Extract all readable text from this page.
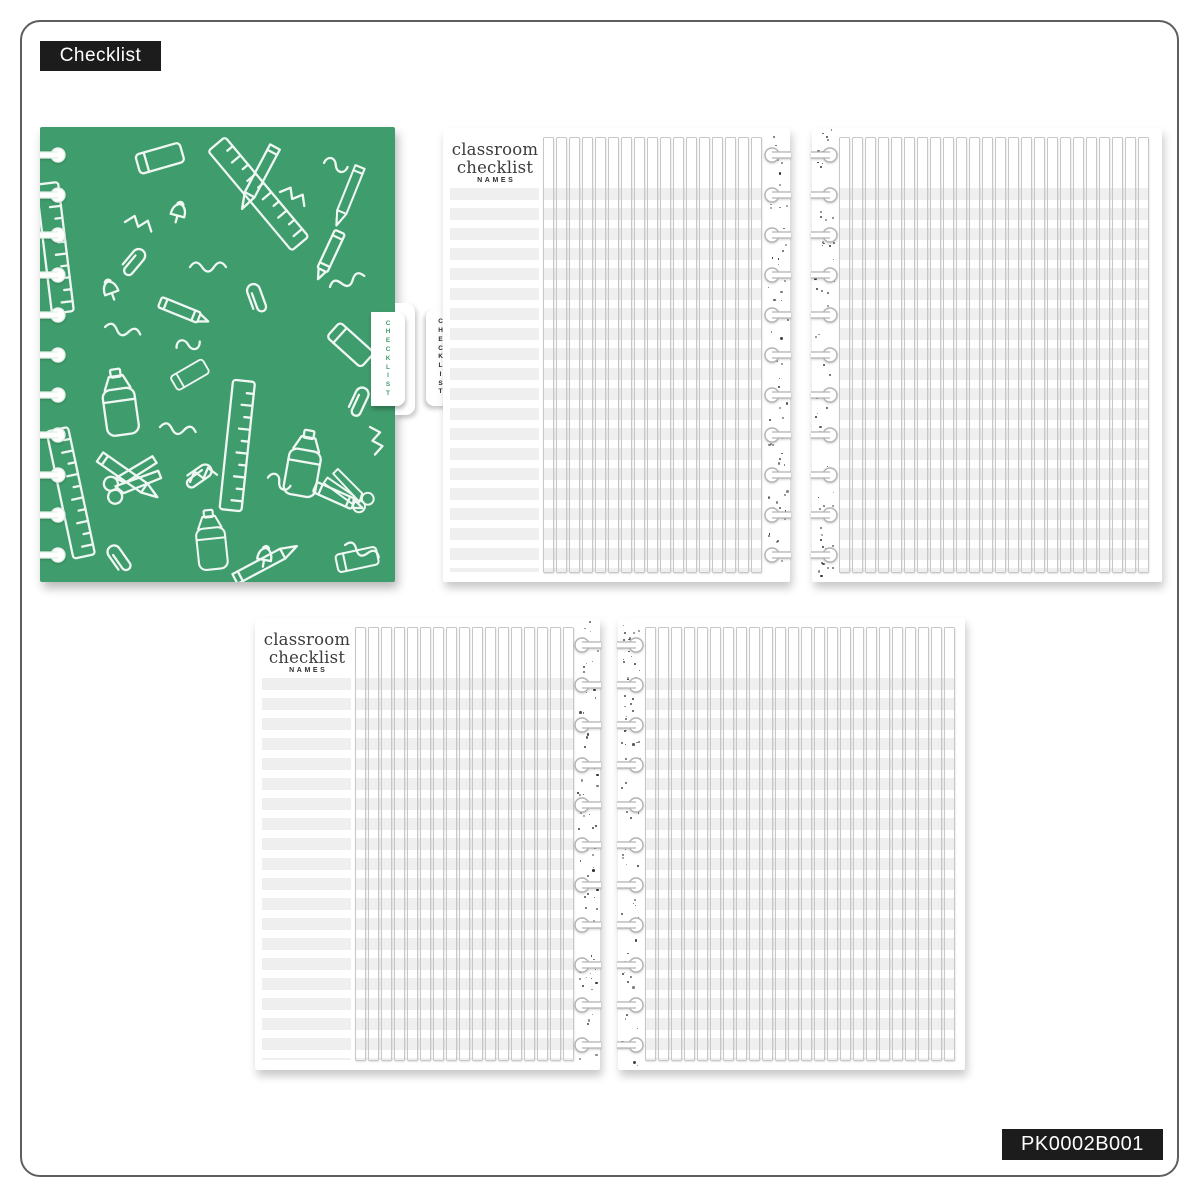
Checklist
C
H
E
C
K
L
I
S
T
C
H
E
C
K
L
I
S
T
classroom checklist
NAMES
classroom checklist
NAMES
PK0002B001
